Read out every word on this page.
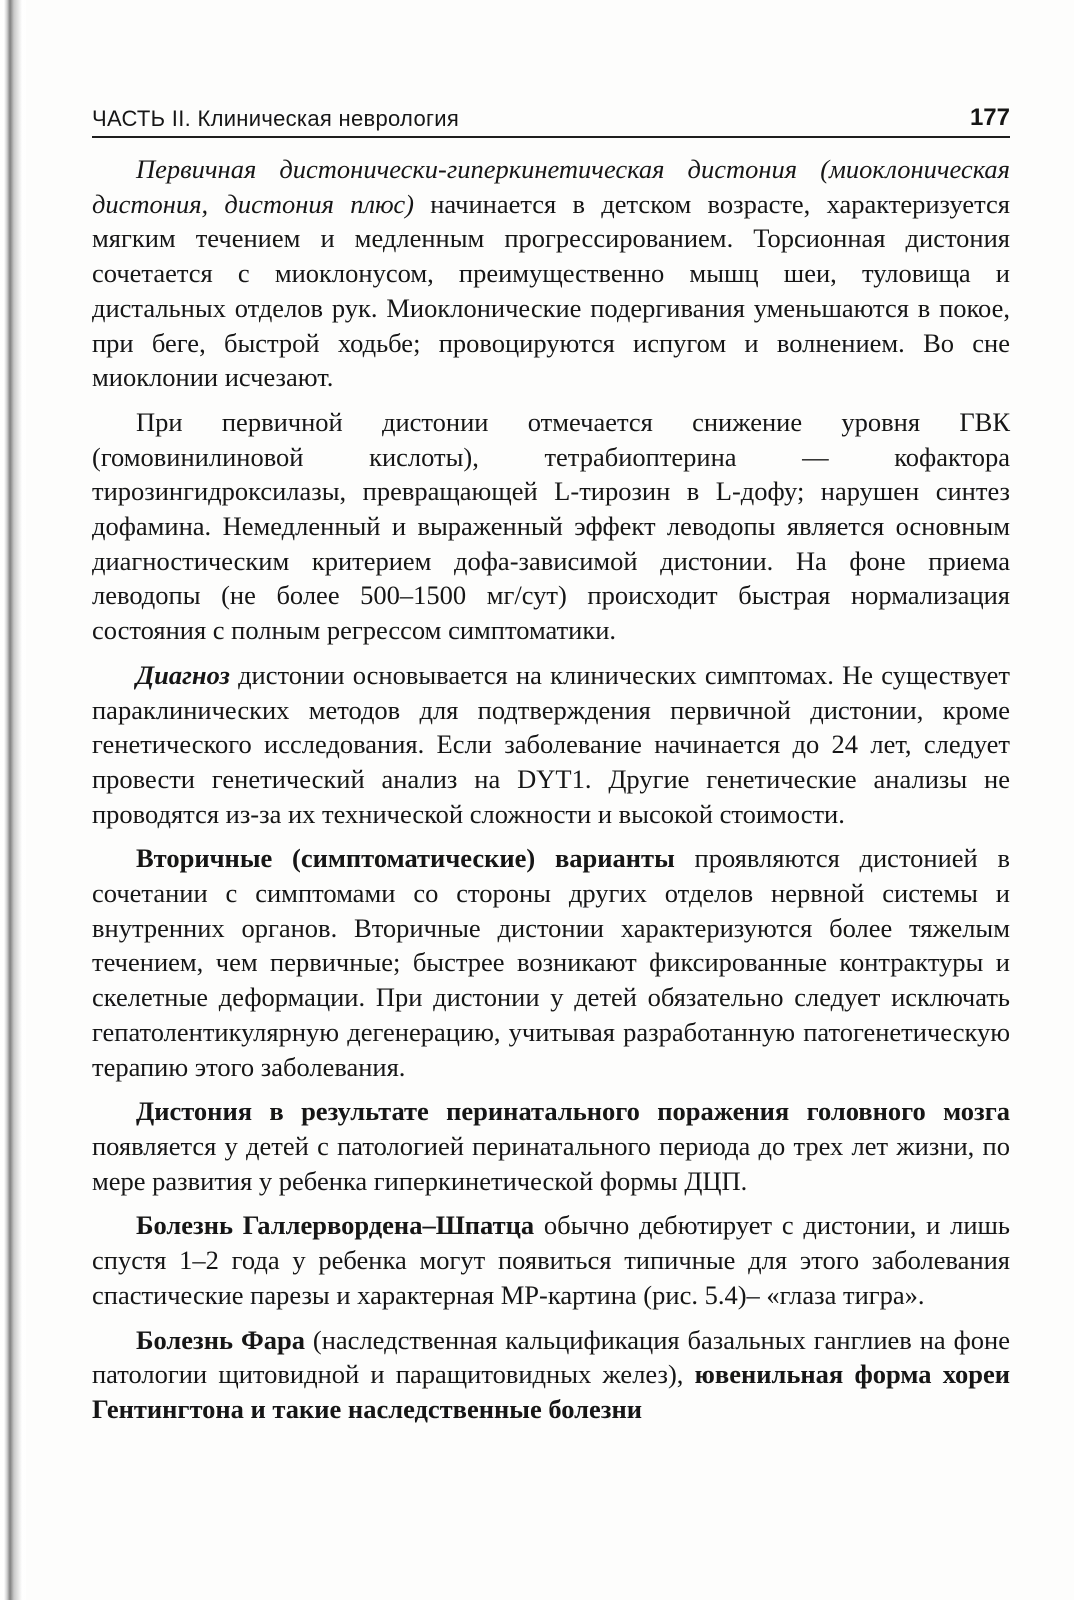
ЧАСТЬ II. Клиническая неврология	177

Первичная дистонически-гиперкинетическая дистония (миоклоническая дистония, дистония плюс) начинается в детском возрасте, характеризуется мягким течением и медленным прогрессированием. Торсионная дистония сочетается с миоклонусом, преимущественно мышц шеи, туловища и дистальных отделов рук. Миоклонические подергивания уменьшаются в покое, при беге, быстрой ходьбе; провоцируются испугом и волнением. Во сне миоклонии исчезают.

При первичной дистонии отмечается снижение уровня ГВК (гомовинилиновой кислоты), тетрабиоптерина — кофактора тирозингидроксилазы, превращающей L-тирозин в L-дофу; нарушен синтез дофамина. Немедленный и выраженный эффект леводопы является основным диагностическим критерием дофа-зависимой дистонии. На фоне приема леводопы (не более 500–1500 мг/сут) происходит быстрая нормализация состояния с полным регрессом симптоматики.

Диагноз дистонии основывается на клинических симптомах. Не существует параклинических методов для подтверждения первичной дистонии, кроме генетического исследования. Если заболевание начинается до 24 лет, следует провести генетический анализ на DYT1. Другие генетические анализы не проводятся из-за их технической сложности и высокой стоимости.

Вторичные (симптоматические) варианты проявляются дистонией в сочетании с симптомами со стороны других отделов нервной системы и внутренних органов. Вторичные дистонии характеризуются более тяжелым течением, чем первичные; быстрее возникают фиксированные контрактуры и скелетные деформации. При дистонии у детей обязательно следует исключать гепатолентикулярную дегенерацию, учитывая разработанную патогенетическую терапию этого заболевания.

Дистония в результате перинатального поражения головного мозга появляется у детей с патологией перинатального периода до трех лет жизни, по мере развития у ребенка гиперкинетической формы ДЦП.

Болезнь Галлервордена–Шпатца обычно дебютирует с дистонии, и лишь спустя 1–2 года у ребенка могут появиться типичные для этого заболевания спастические парезы и характерная МР-картина (рис. 5.4)– «глаза тигра».

Болезнь Фара (наследственная кальцификация базальных ганглиев на фоне патологии щитовидной и паращитовидных желез), ювенильная форма хореи Гентингтона и такие наследственные болезни
